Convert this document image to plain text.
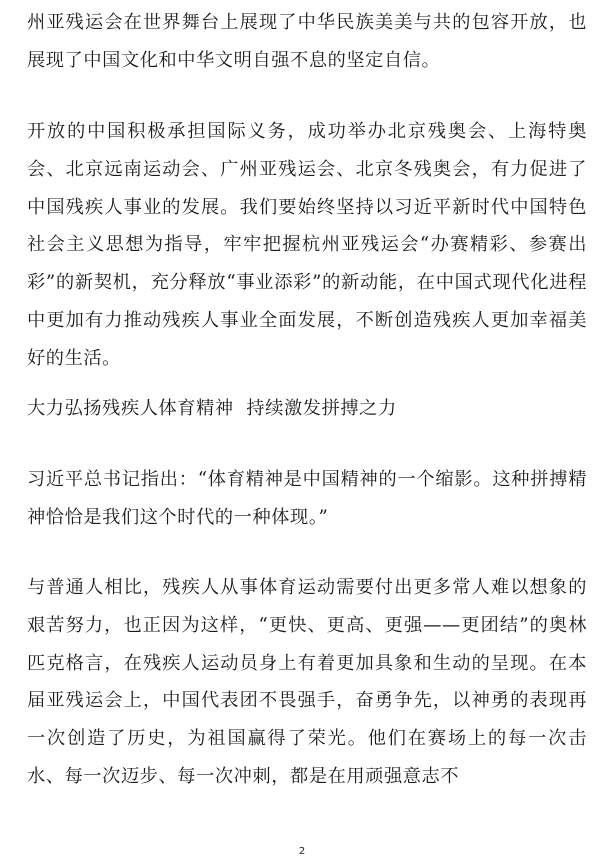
州亚残运会在世界舞台上展现了中华民族美美与共的包容开放，也展现了中国文化和中华文明自强不息的坚定自信。

开放的中国积极承担国际义务，成功举办北京残奥会、上海特奥会、北京远南运动会、广州亚残运会、北京冬残奥会，有力促进了中国残疾人事业的发展。我们要始终坚持以习近平新时代中国特色社会主义思想为指导，牢牢把握杭州亚残运会“办赛精彩、参赛出彩”的新契机，充分释放“事业添彩”的新动能，在中国式现代化进程中更加有力推动残疾人事业全面发展，不断创造残疾人更加幸福美好的生活。

大力弘扬残疾人体育精神  持续激发拼搏之力

习近平总书记指出：“体育精神是中国精神的一个缩影。这种拼搏精神恰恰是我们这个时代的一种体现。”

与普通人相比，残疾人从事体育运动需要付出更多常人难以想象的艰苦努力，也正因为这样，“更快、更高、更强——更团结”的奥林匹克格言，在残疾人运动员身上有着更加具象和生动的呈现。在本届亚残运会上，中国代表团不畏强手，奋勇争先，以神勇的表现再一次创造了历史，为祖国赢得了荣光。他们在赛场上的每一次击水、每一次迈步、每一次冲刺，都是在用顽强意志不

2
